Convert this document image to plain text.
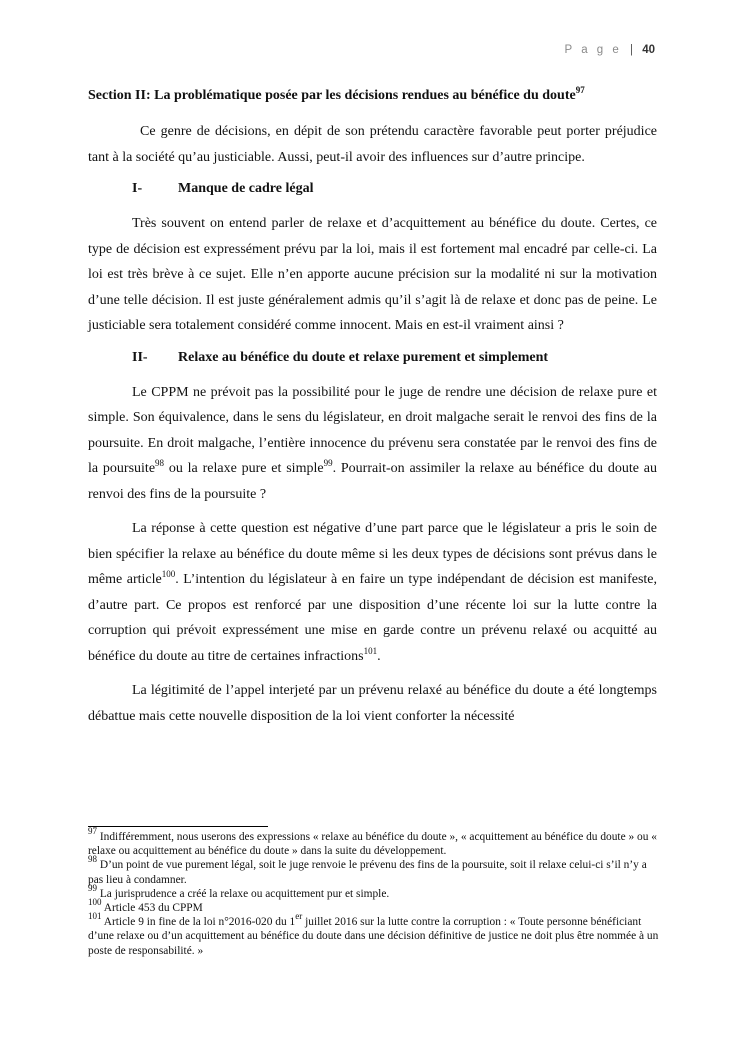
P a g e | 40
Section II: La problématique posée par les décisions rendues au bénéfice du doute$^{97}$

Ce genre de décisions, en dépit de son prétendu caractère favorable peut porter préjudice tant à la société qu’au justiciable. Aussi, peut-il avoir des influences sur d’autre principe.

I-	Manque de cadre légal

Très souvent on entend parler de relaxe et d’acquittement au bénéfice du doute. Certes, ce type de décision est expressément prévu par la loi, mais il est fortement mal encadré par celle-ci. La loi est très brève à ce sujet. Elle n’en apporte aucune précision sur la modalité ni sur la motivation d’une telle décision. Il est juste généralement admis qu’il s’agit là de relaxe et donc pas de peine. Le justiciable sera totalement considéré comme innocent. Mais en est-il vraiment ainsi ?

II-	Relaxe au bénéfice du doute et relaxe purement et simplement

Le CPPM ne prévoit pas la possibilité pour le juge de rendre une décision de relaxe pure et simple. Son équivalence, dans le sens du législateur, en droit malgache serait le renvoi des fins de la poursuite. En droit malgache, l’entière innocence du prévenu sera constatée par le renvoi des fins de la poursuite$^{98}$ ou la relaxe pure et simple$^{99}$. Pourrait-on assimiler la relaxe au bénéfice du doute au renvoi des fins de la poursuite ?

La réponse à cette question est négative d’une part parce que le législateur a pris le soin de bien spécifier la relaxe au bénéfice du doute même si les deux types de décisions sont prévus dans le même article$^{100}$. L’intention du législateur à en faire un type indépendant de décision est manifeste, d’autre part. Ce propos est renforcé par une disposition d’une récente loi sur la lutte contre la corruption qui prévoit expressément une mise en garde contre un prévenu relaxé ou acquitté au bénéfice du doute au titre de certaines infractions$^{101}$.

La légitimité de l’appel interjeté par un prévenu relaxé au bénéfice du doute a été longtemps débattue mais cette nouvelle disposition de la loi vient conforter la nécessité

$^{97}$ Indifféremment, nous userons des expressions « relaxe au bénéfice du doute », « acquittement au bénéfice du doute » ou « relaxe ou acquittement au bénéfice du doute » dans la suite du développement.
$^{98}$ D’un point de vue purement légal, soit le juge renvoie le prévenu des fins de la poursuite, soit il relaxe celui-ci s’il n’y a pas lieu à condamner.
$^{99}$ La jurisprudence a créé la relaxe ou acquittement pur et simple.
$^{100}$ Article 453 du CPPM
$^{101}$ Article 9 in fine de la loi n°2016-020 du 1er juillet 2016 sur la lutte contre la corruption : « Toute personne bénéficiant d’une relaxe ou d’un acquittement au bénéfice du doute dans une décision définitive de justice ne doit plus être nommée à un poste de responsabilité. »
